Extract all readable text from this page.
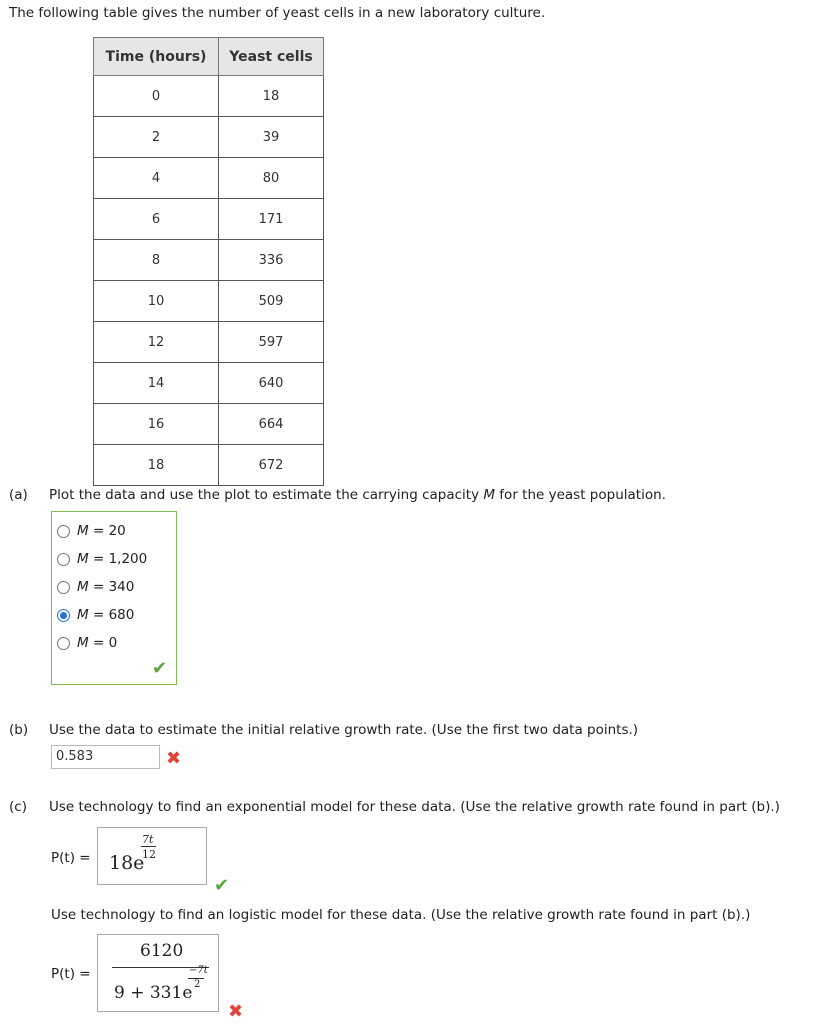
The following table gives the number of yeast cells in a new laboratory culture.
Time (hours)	Yeast cells
0	18
2	39
4	80
6	171
8	336
10	509
12	597
14	640
16	664
18	672
(a) Plot the data and use the plot to estimate the carrying capacity M for the yeast population.
M = 20
M = 1,200
M = 340
M = 680
M = 0
✔
(b) Use the data to estimate the initial relative growth rate. (Use the first two data points.)
0.583	✖
(c) Use technology to find an exponential model for these data. (Use the relative growth rate found in part (b).)
P(t) = 18e
7t
12
✔
Use technology to find an logistic model for these data. (Use the relative growth rate found in part (b).)
P(t) =
6120
9 + 331e
−7t
2
✖
